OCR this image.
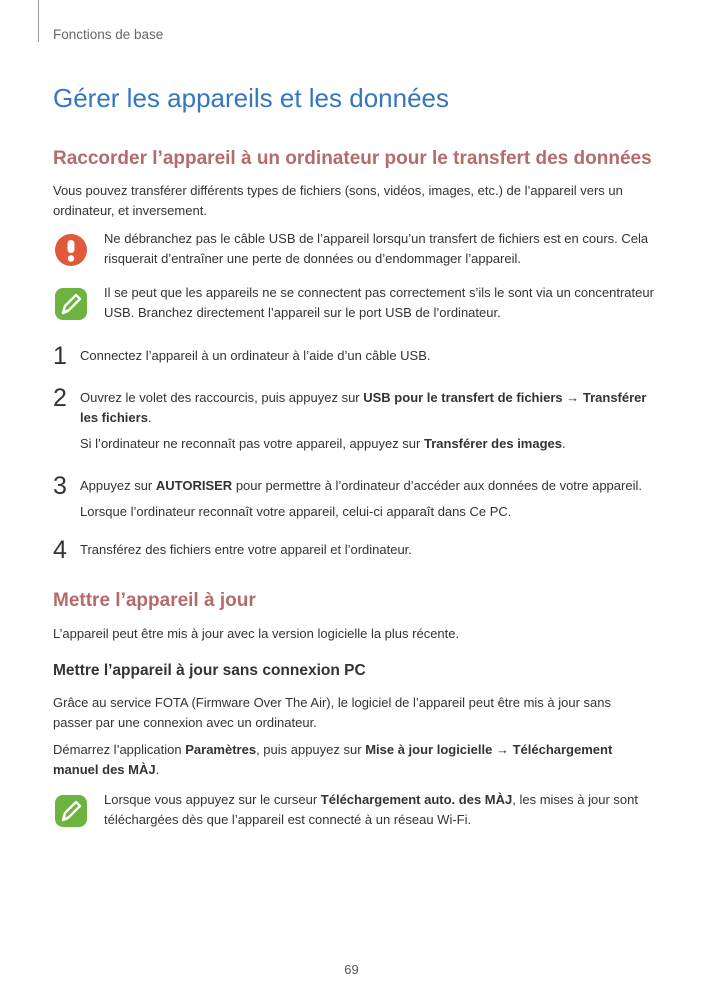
Fonctions de base
Gérer les appareils et les données
Raccorder l’appareil à un ordinateur pour le transfert des données
Vous pouvez transférer différents types de fichiers (sons, vidéos, images, etc.) de l’appareil vers un ordinateur, et inversement.
Ne débranchez pas le câble USB de l’appareil lorsqu’un transfert de fichiers est en cours. Cela risquerait d’entraîner une perte de données ou d’endommager l’appareil.
Il se peut que les appareils ne se connectent pas correctement s’ils le sont via un concentrateur USB. Branchez directement l’appareil sur le port USB de l’ordinateur.
1 Connectez l’appareil à un ordinateur à l’aide d’un câble USB.
2 Ouvrez le volet des raccourcis, puis appuyez sur USB pour le transfert de fichiers → Transférer les fichiers.
Si l’ordinateur ne reconnaît pas votre appareil, appuyez sur Transférer des images.
3 Appuyez sur AUTORISER pour permettre à l’ordinateur d’accéder aux données de votre appareil.
Lorsque l’ordinateur reconnaît votre appareil, celui-ci apparaît dans Ce PC.
4 Transférez des fichiers entre votre appareil et l’ordinateur.
Mettre l’appareil à jour
L’appareil peut être mis à jour avec la version logicielle la plus récente.
Mettre l’appareil à jour sans connexion PC
Grâce au service FOTA (Firmware Over The Air), le logiciel de l’appareil peut être mis à jour sans passer par une connexion avec un ordinateur.
Démarrez l’application Paramètres, puis appuyez sur Mise à jour logicielle → Téléchargement manuel des MÀJ.
Lorsque vous appuyez sur le curseur Téléchargement auto. des MÀJ, les mises à jour sont téléchargées dès que l’appareil est connecté à un réseau Wi-Fi.
69
